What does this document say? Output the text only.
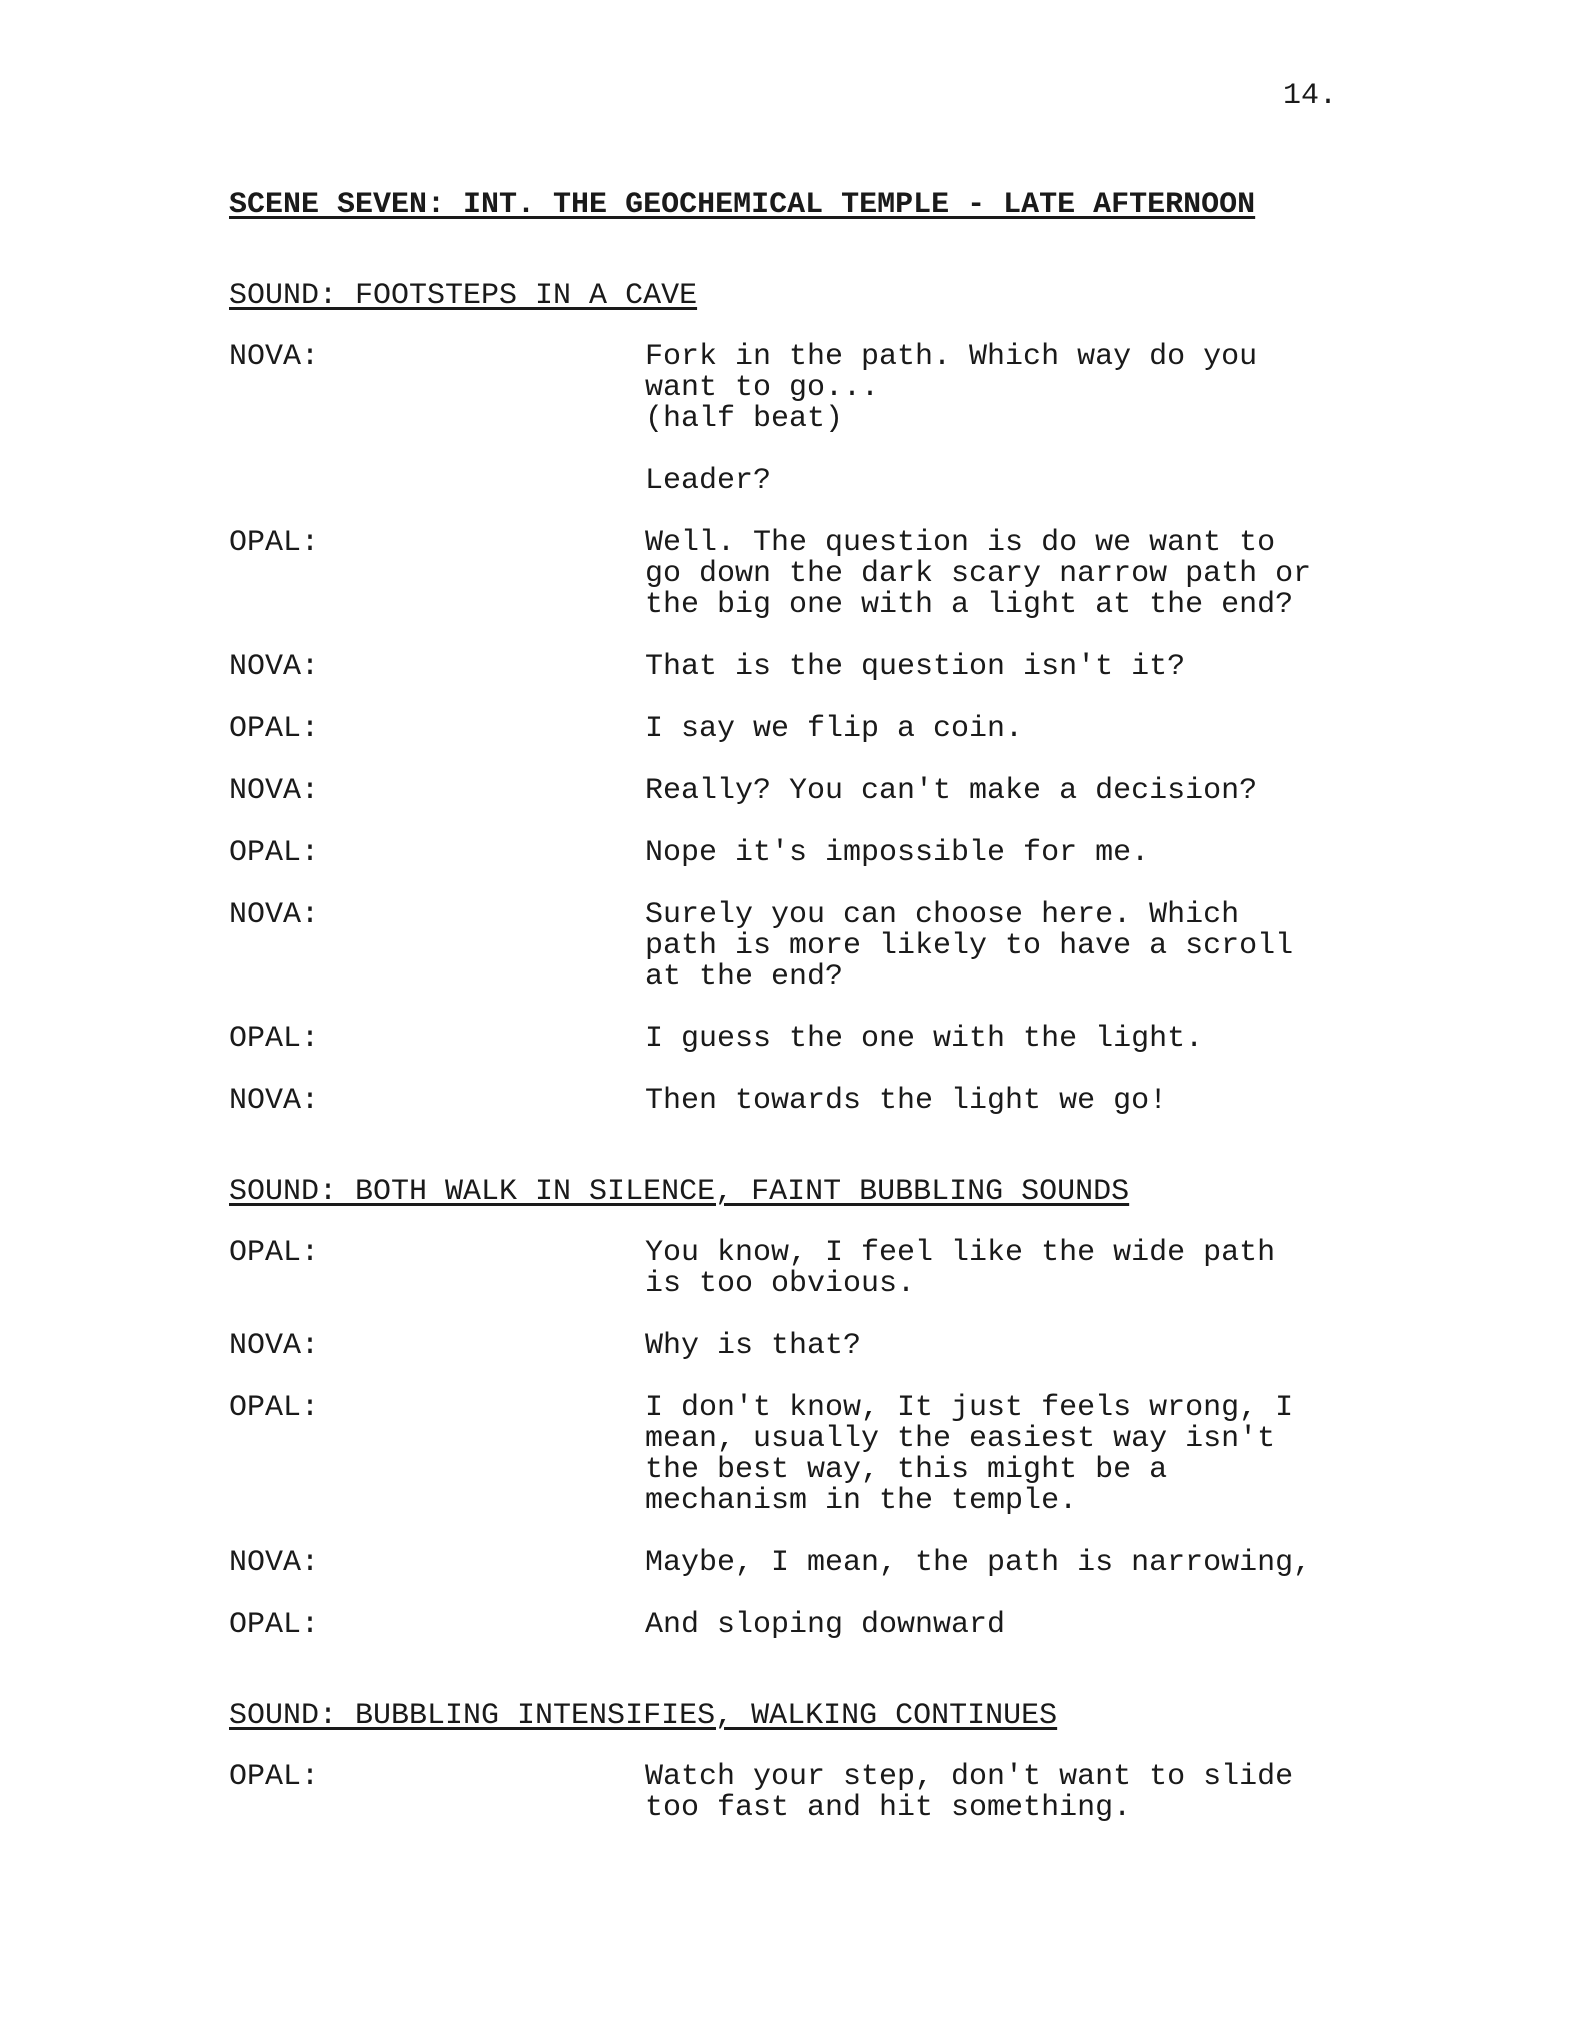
14.
SCENE SEVEN: INT. THE GEOCHEMICAL TEMPLE - LATE AFTERNOON
SOUND: FOOTSTEPS IN A CAVE
NOVA:	Fork in the path. Which way do you
want to go...
(half beat)
Leader?
OPAL:	Well. The question is do we want to
go down the dark scary narrow path or
the big one with a light at the end?
NOVA:	That is the question isn't it?
OPAL:	I say we flip a coin.
NOVA:	Really? You can't make a decision?
OPAL:	Nope it's impossible for me.
NOVA:	Surely you can choose here. Which
path is more likely to have a scroll
at the end?
OPAL:	I guess the one with the light.
NOVA:	Then towards the light we go!
SOUND: BOTH WALK IN SILENCE, FAINT BUBBLING SOUNDS
OPAL:	You know, I feel like the wide path
is too obvious.
NOVA:	Why is that?
OPAL:	I don't know, It just feels wrong, I
mean, usually the easiest way isn't
the best way, this might be a
mechanism in the temple.
NOVA:	Maybe, I mean, the path is narrowing,
OPAL:	And sloping downward
SOUND: BUBBLING INTENSIFIES, WALKING CONTINUES
OPAL:	Watch your step, don't want to slide
too fast and hit something.
